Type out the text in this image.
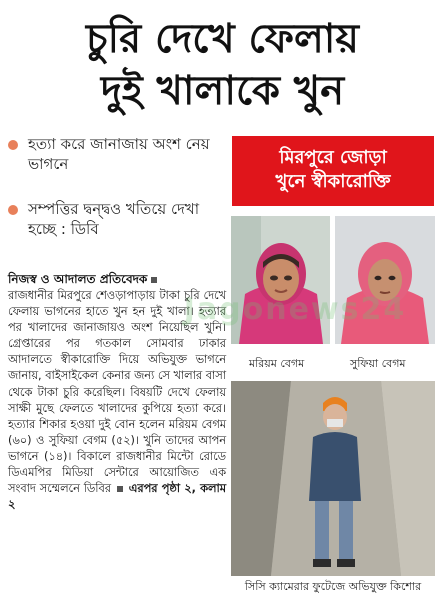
চুরি দেখে ফেলায়
দুই খালাকে খুন
হত্যা করে জানাজায় অংশ নেয় ভাগনে
সম্পত্তির দ্বন্দ্বও খতিয়ে দেখা হচ্ছে : ডিবি
মিরপুরে জোড়া
খুনে স্বীকারোক্তি
মরিয়ম বেগম	সুফিয়া বেগম
সিসি ক্যামেরার ফুটেজে অভিযুক্ত কিশোর
নিজস্ব ও আদালত প্রতিবেদক
রাজধানীর মিরপুরে শেওড়াপাড়ায় টাকা চুরি দেখে ফেলায় ভাগনের হাতে খুন হন দুই খালা। হত্যার পর খালাদের জানাজায়ও অংশ নিয়েছিল খুনি। গ্রেপ্তারের পর গতকাল সোমবার ঢাকার আদালতে স্বীকারোক্তি দিয়ে অভিযুক্ত ভাগনে জানায়, বাইসাইকেল কেনার জন্য সে খালার বাসা থেকে টাকা চুরি করেছিল। বিষয়টি দেখে ফেলায় সাক্ষী মুছে ফেলতে খালাদের কুপিয়ে হত্যা করে। হত্যার শিকার হওয়া দুই বোন হলেন মরিয়ম বেগম (৬০) ও সুফিয়া বেগম (৫২)। খুনি তাদের আপন ভাগনে (১৪)। বিকালে রাজধানীর মিন্টো রোডে ডিএমপির মিডিয়া সেন্টারে আয়োজিত এক সংবাদ সম্মেলনে ডিবির এরপর পৃষ্ঠা ২, কলাম ২
Jagonews24
